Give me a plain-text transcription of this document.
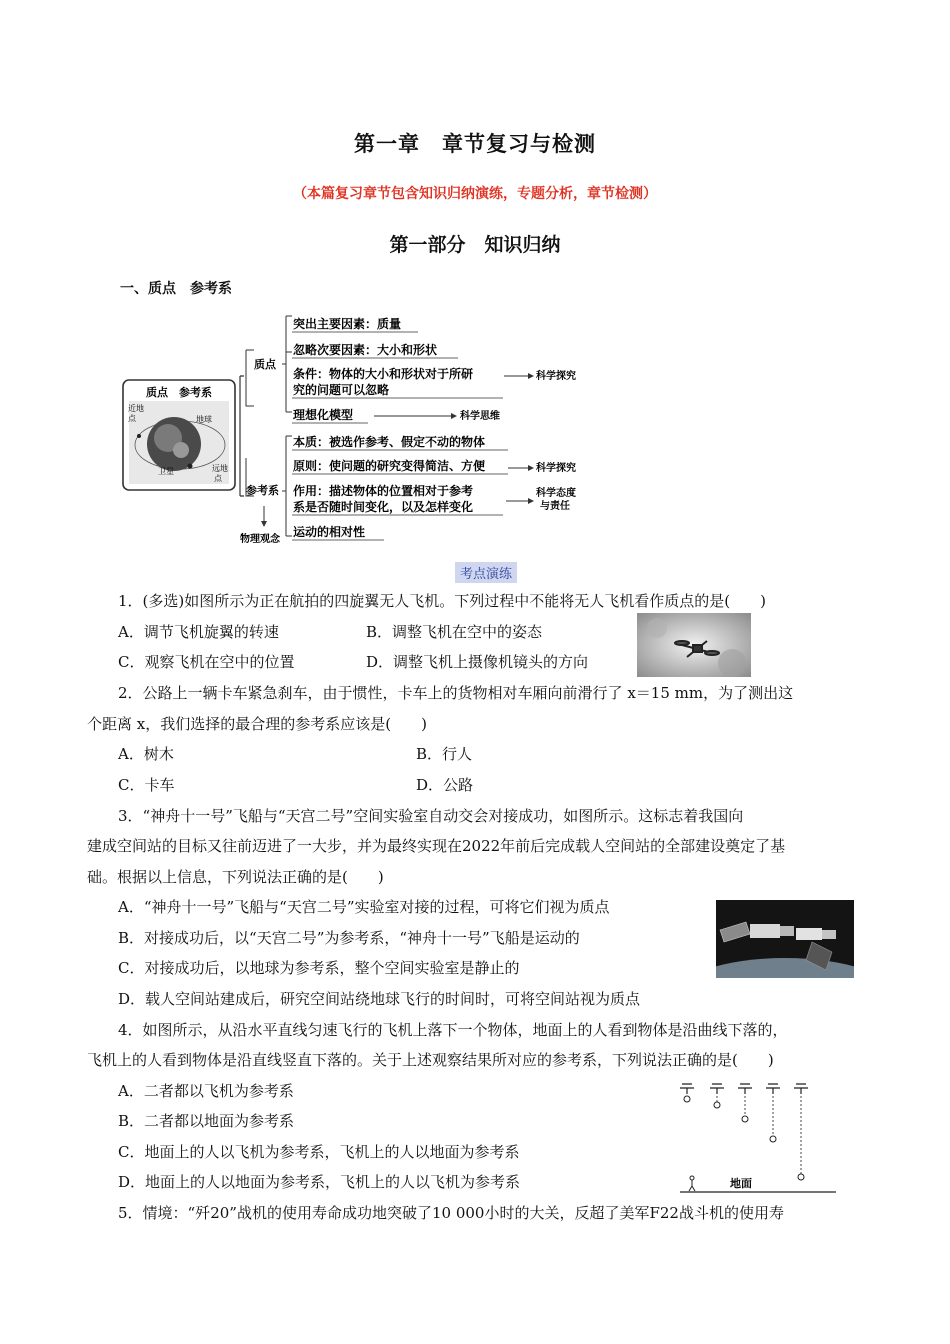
第一章　章节复习与检测
（本篇复习章节包含知识归纳演练，专题分析，章节检测）
第一部分　知识归纳
一、质点　参考系
质点　参考系
近地
点	地球
卫星	远地
点
质点
参考系
物理观念
突出主要因素：质量
忽略次要因素：大小和形状
条件：物体的大小和形状对于所研
究的问题可以忽略
理想化模型
本质：被选作参考、假定不动的物体
原则：使问题的研究变得简洁、方便
作用：描述物体的位置相对于参考
系是否随时间变化，以及怎样变化
运动的相对性
科学探究
科学思维
科学探究
科学态度
与责任
考点演练
1．(多选)如图所示为正在航拍的四旋翼无人飞机。下列过程中不能将无人飞机看作质点的是(　　)
A．调节飞机旋翼的转速	B．调整飞机在空中的姿态
C．观察飞机在空中的位置	D．调整飞机上摄像机镜头的方向
2．公路上一辆卡车紧急刹车，由于惯性，卡车上的货物相对车厢向前滑行了 x＝15 mm，为了测出这
个距离 x，我们选择的最合理的参考系应该是(　　)
A．树木	B．行人
C．卡车	D．公路
3．“神舟十一号”飞船与“天宫二号”空间实验室自动交会对接成功，如图所示。这标志着我国向
建成空间站的目标又往前迈进了一大步，并为最终实现在2022年前后完成载人空间站的全部建设奠定了基
础。根据以上信息，下列说法正确的是(　　)
A．“神舟十一号”飞船与“天宫二号”实验室对接的过程，可将它们视为质点
B．对接成功后，以“天宫二号”为参考系，“神舟十一号”飞船是运动的
C．对接成功后，以地球为参考系，整个空间实验室是静止的
D．载人空间站建成后，研究空间站绕地球飞行的时间时，可将空间站视为质点
4．如图所示，从沿水平直线匀速飞行的飞机上落下一个物体，地面上的人看到物体是沿曲线下落的，
飞机上的人看到物体是沿直线竖直下落的。关于上述观察结果所对应的参考系，下列说法正确的是(　　)
A．二者都以飞机为参考系
B．二者都以地面为参考系
C．地面上的人以飞机为参考系，飞机上的人以地面为参考系
D．地面上的人以地面为参考系，飞机上的人以飞机为参考系	地面
5．情境：“歼20”战机的使用寿命成功地突破了10 000小时的大关，反超了美军F22战斗机的使用寿
